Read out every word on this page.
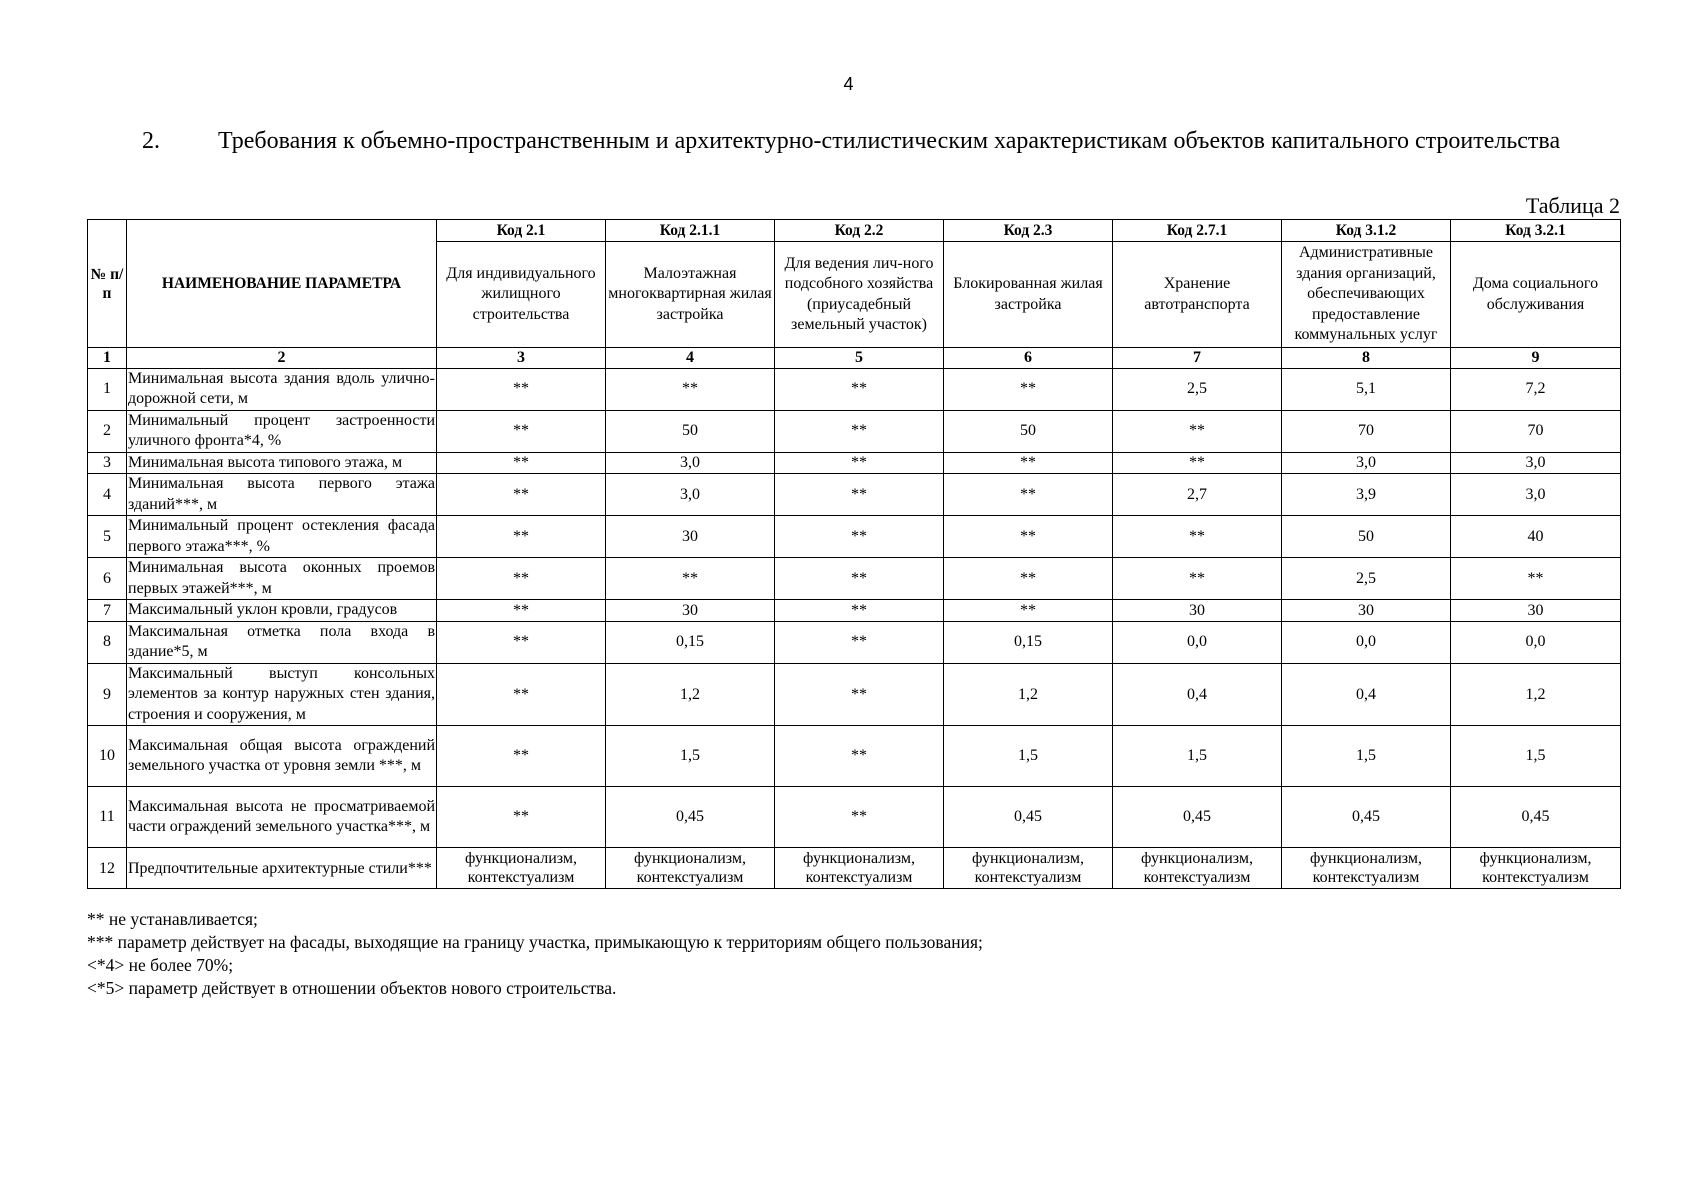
4
2. Требования к объемно-пространственным и архитектурно-стилистическим характеристикам объектов капитального строительства
Таблица 2
№ п/п	НАИМЕНОВАНИЕ ПАРАМЕТРА	Код 2.1	Код 2.1.1	Код 2.2	Код 2.3	Код 2.7.1	Код 3.1.2	Код 3.2.1
		Для индивидуального жилищного строительства	Малоэтажная многоквартирная жилая застройка	Для ведения лич-ного подсобного хозяйства (приусадебный земельный участок)	Блокированная жилая застройка	Хранение автотранспорта	Административные здания организаций, обеспечивающих предоставление коммунальных услуг	Дома социального обслуживания
1	2	3	4	5	6	7	8	9
1	Минимальная высота здания вдоль улично-дорожной сети, м	**	**	**	**	2,5	5,1	7,2
2	Минимальный процент застроенности уличного фронта*4, %	**	50	**	50	**	70	70
3	Минимальная высота типового этажа, м	**	3,0	**	**	**	3,0	3,0
4	Минимальная высота первого этажа зданий***, м	**	3,0	**	**	2,7	3,9	3,0
5	Минимальный процент остекления фасада первого этажа***, %	**	30	**	**	**	50	40
6	Минимальная высота оконных проемов первых этажей***, м	**	**	**	**	**	2,5	**
7	Максимальный уклон кровли, градусов	**	30	**	**	30	30	30
8	Максимальная отметка пола входа в здание*5, м	**	0,15	**	0,15	0,0	0,0	0,0
9	Максимальный выступ консольных элементов за контур наружных стен здания, строения и сооружения, м	**	1,2	**	1,2	0,4	0,4	1,2
10	Максимальная общая высота ограждений земельного участка от уровня земли ***, м	**	1,5	**	1,5	1,5	1,5	1,5
11	Максимальная высота не просматриваемой части ограждений земельного участка***, м	**	0,45	**	0,45	0,45	0,45	0,45
12	Предпочтительные архитектурные стили***	функционализм, контекстуализм	функционализм, контекстуализм	функционализм, контекстуализм	функционализм, контекстуализм	функционализм, контекстуализм	функционализм, контекстуализм	функционализм, контекстуализм
** не устанавливается;
*** параметр действует на фасады, выходящие на границу участка, примыкающую к территориям общего пользования;
<*4> не более 70%;
<*5> параметр действует в отношении объектов нового строительства.
